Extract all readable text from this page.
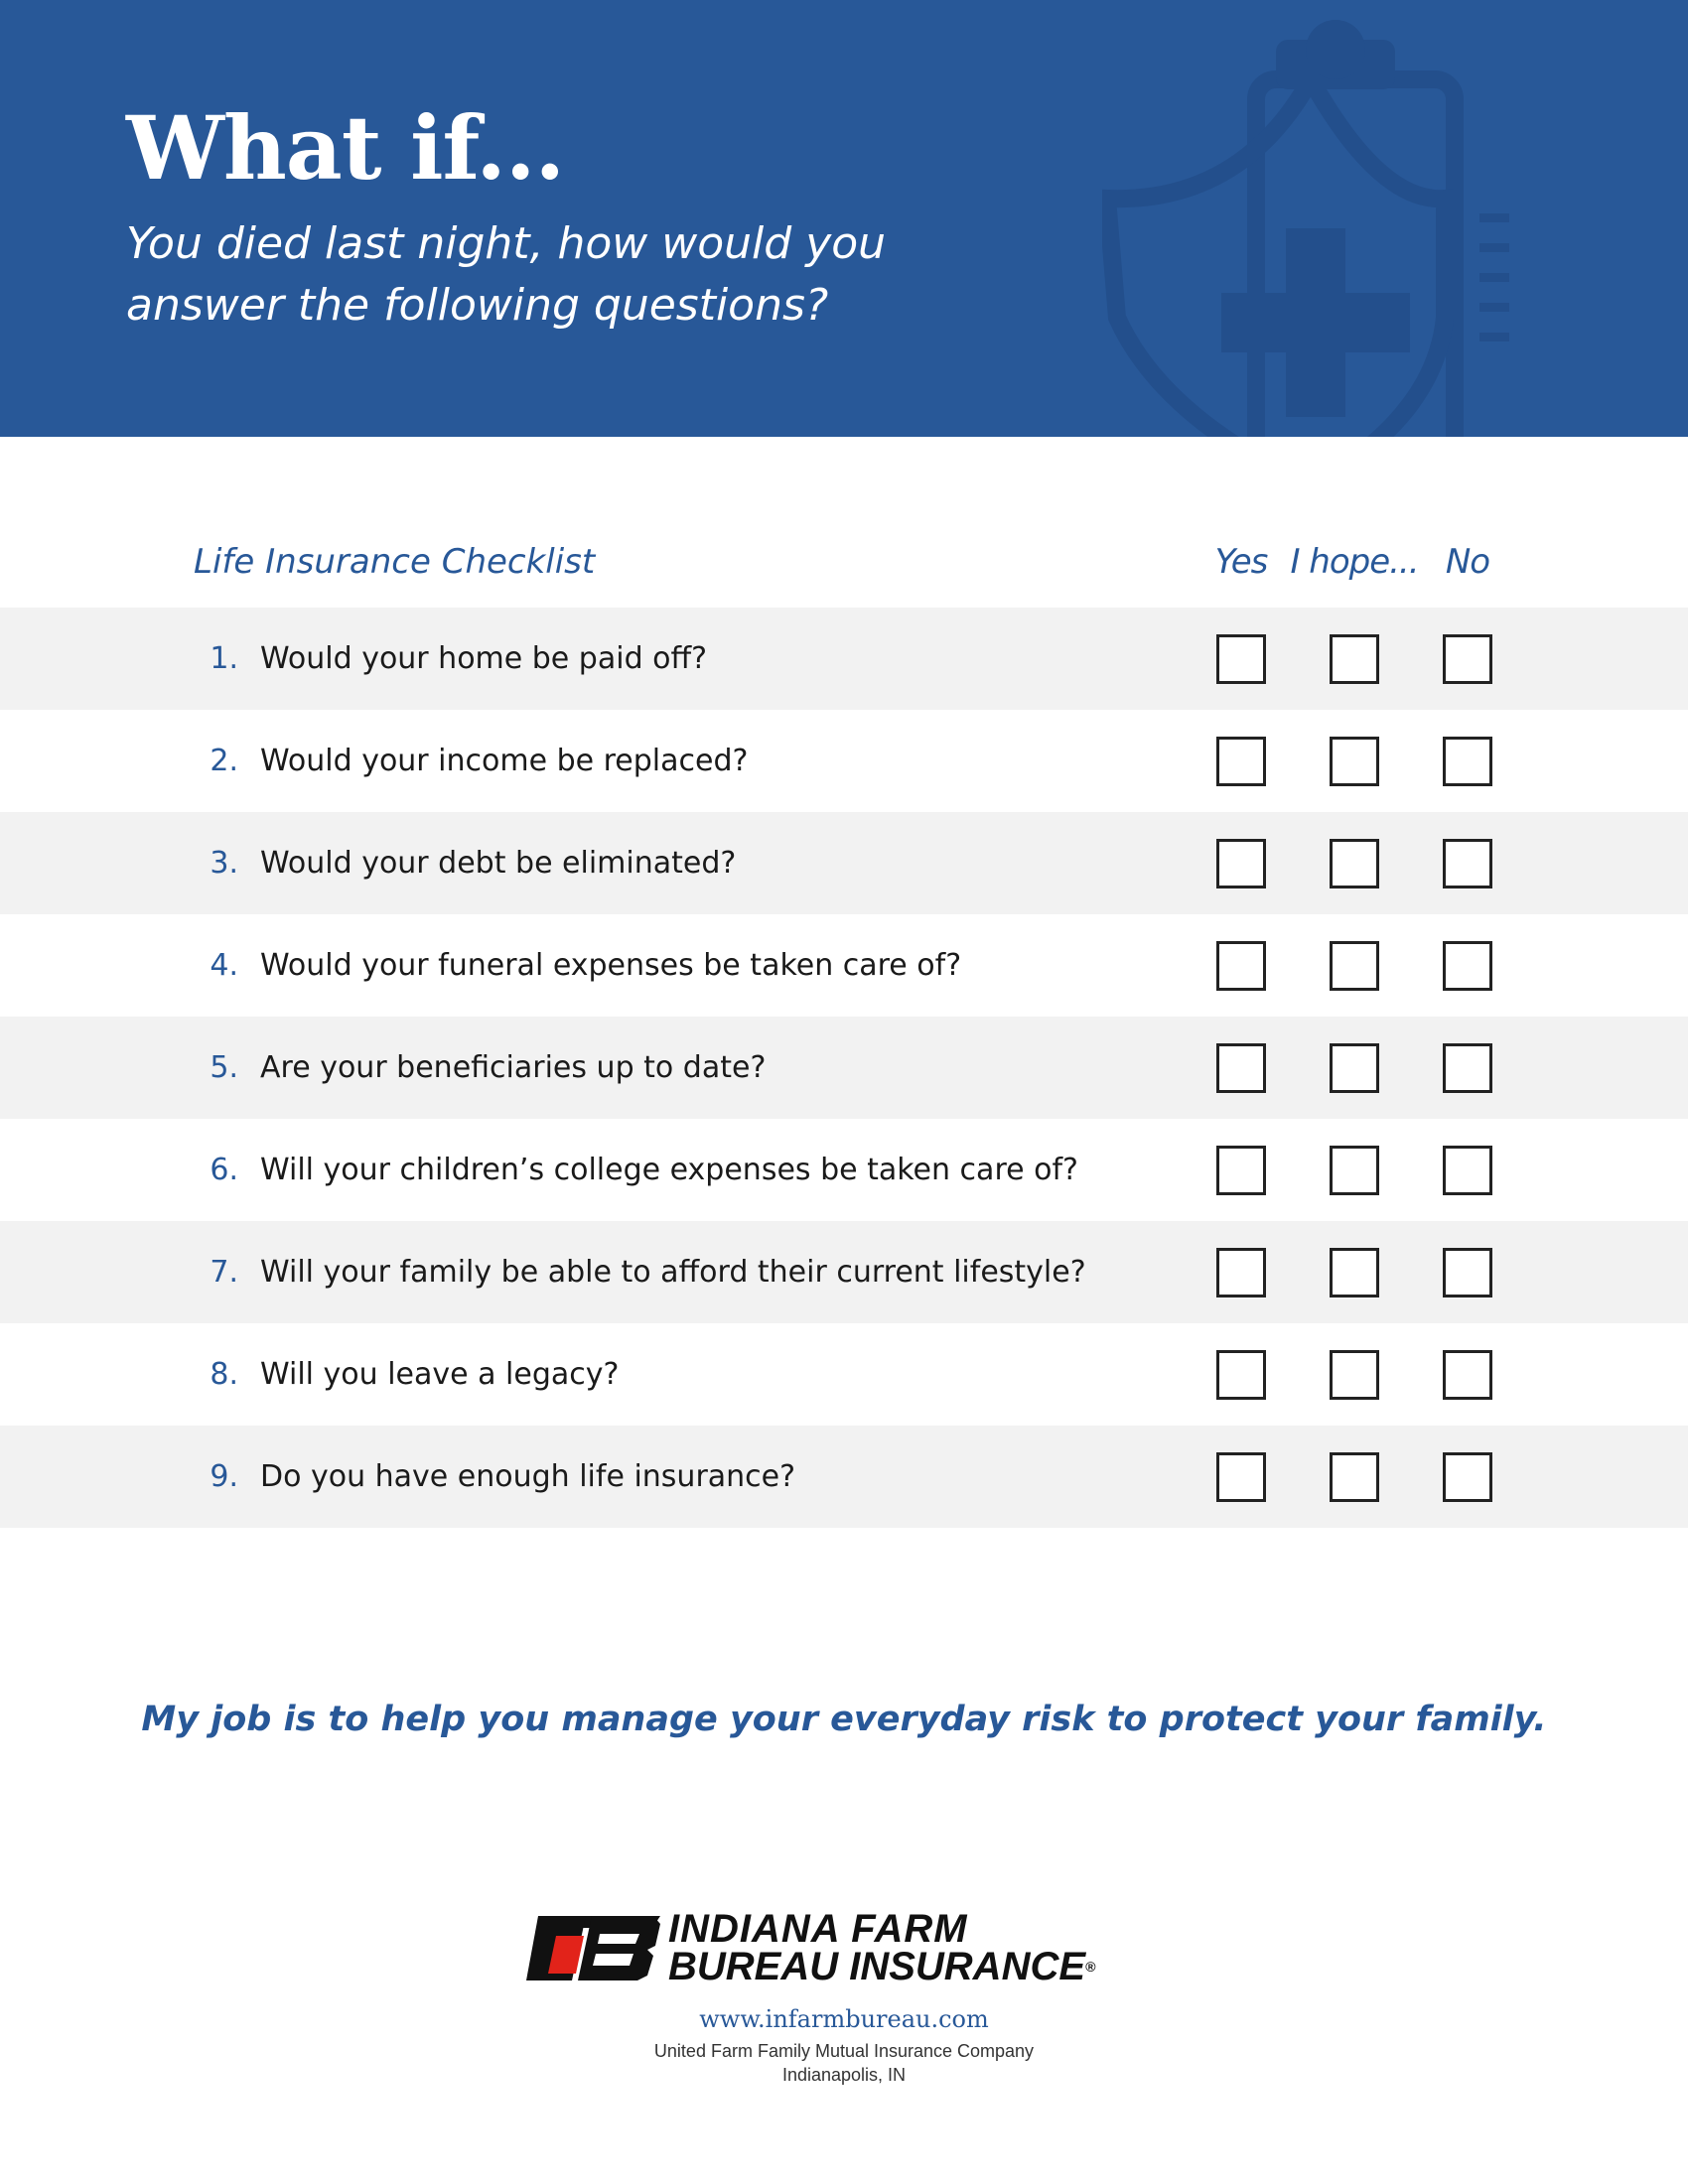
What if...

You died last night, how would you
answer the following questions?

Life Insurance Checklist	Yes I hope... No
1. Would your home be paid off?
2. Would your income be replaced?
3. Would your debt be eliminated?
4. Would your funeral expenses be taken care of?
5. Are your beneficiaries up to date?
6. Will your children’s college expenses be taken care of?
7. Will your family be able to afford their current lifestyle?
8. Will you leave a legacy?
9. Do you have enough life insurance?

My job is to help you manage your everyday risk to protect your family.

INDIANA FARM
BUREAU INSURANCE®
www.infarmbureau.com
United Farm Family Mutual Insurance Company
Indianapolis, IN
